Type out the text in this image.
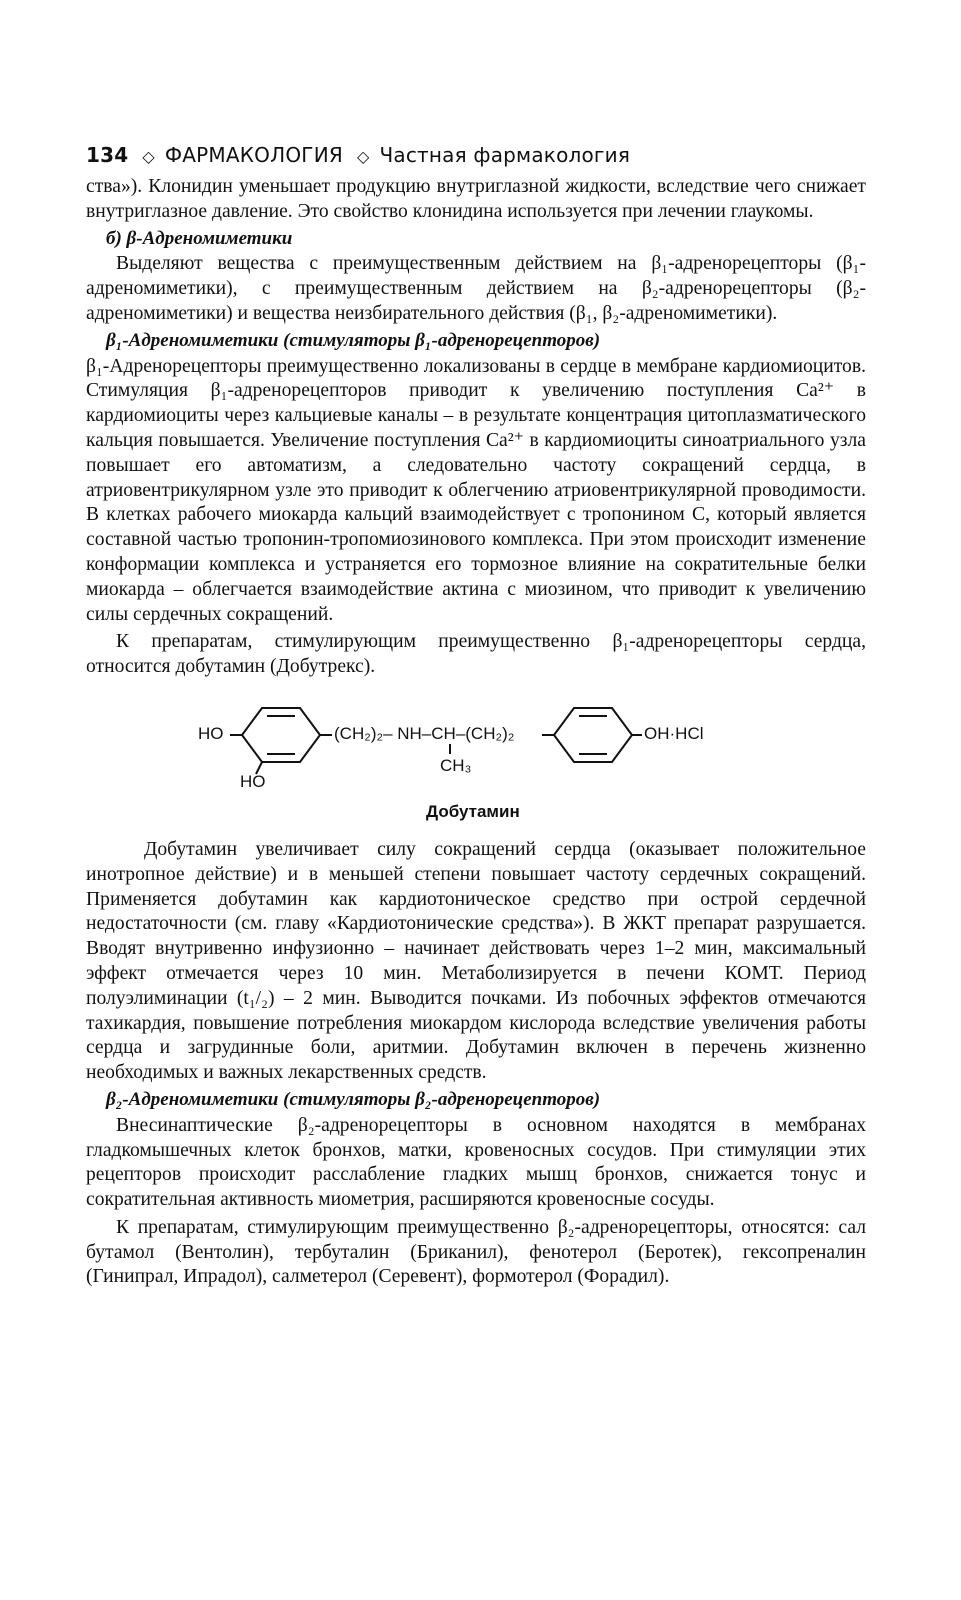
134 ◇ ФАРМАКОЛОГИЯ ◇ Частная фармакология

ства»). Клонидин уменьшает продукцию внутриглазной жидкости, вследствие чего снижает внутриглазное давление. Это свойство клонидина используется при лечении глаукомы.

б) β-Адреномиметики

Выделяют вещества с преимущественным действием на β₁-адренорецепторы (β₁-адреномиметики), с преимущественным действием на β₂-адренорецепторы (β₂-адреномиметики) и вещества неизбирательного действия (β₁, β₂-адреномиметики).

β₁-Адреномиметики (стимуляторы β₁-адренорецепторов)

β₁-Адренорецепторы преимущественно локализованы в сердце в мембране кардиомиоцитов. Стимуляция β₁-адренорецепторов приводит к увеличению поступления Ca²⁺ в кардиомиоциты через кальциевые каналы – в результате концентрация цитоплазматического кальция повышается. Увеличение поступления Ca²⁺ в кардиомиоциты синоатриального узла повышает его автоматизм, а следовательно частоту сокращений сердца, в атриовентрикулярном узле это приводит к облегчению атриовентрикулярной проводимости. В клетках рабочего миокарда кальций взаимодействует с тропонином C, который является составной частью тропонин-тропомиозинового комплекса. При этом происходит изменение конформации комплекса и устраняется его тормозное влияние на сократительные белки миокарда – облегчается взаимодействие актина с миозином, что приводит к увеличению силы сердечных сокращений.

К препаратам, стимулирующим преимущественно β₁-адренорецепторы сердца, относится добутамин (Добутрекс).

HO
HO
(CH₂)₂– NH–CH–(CH₂)₂
CH₃
OH·HCl
Добутамин

Добутамин увеличивает силу сокращений сердца (оказывает положительное инотропное действие) и в меньшей степени повышает частоту сердечных сокращений. Применяется добутамин как кардиотоническое средство при острой сердечной недостаточности (см. главу «Кардиотонические средства»). В ЖКТ препарат разрушается. Вводят внутривенно инфузионно – начинает действовать через 1–2 мин, максимальный эффект отмечается через 10 мин. Метаболизируется в печени КОМТ. Период полуэлиминации (t₁/₂) – 2 мин. Выводится почками. Из побочных эффектов отмечаются тахикардия, повышение потребления миокардом кислорода вследствие увеличения работы сердца и загрудинные боли, аритмии. Добутамин включен в перечень жизненно необходимых и важных лекарственных средств.

β₂-Адреномиметики (стимуляторы β₂-адренорецепторов)

Внесинаптические β₂-адренорецепторы в основном находятся в мембранах гладкомышечных клеток бронхов, матки, кровеносных сосудов. При стимуляции этих рецепторов происходит расслабление гладких мышц бронхов, снижается тонус и сократительная активность миометрия, расширяются кровеносные сосуды.

К препаратам, стимулирующим преимущественно β₂-адренорецепторы, относятся: сал бутамол (Вентолин), тербуталин (Бриканил), фенотерол (Беротек), гексопреналин (Гинипрал, Ипрадол), салметерол (Серевент), формотерол (Форадил).
